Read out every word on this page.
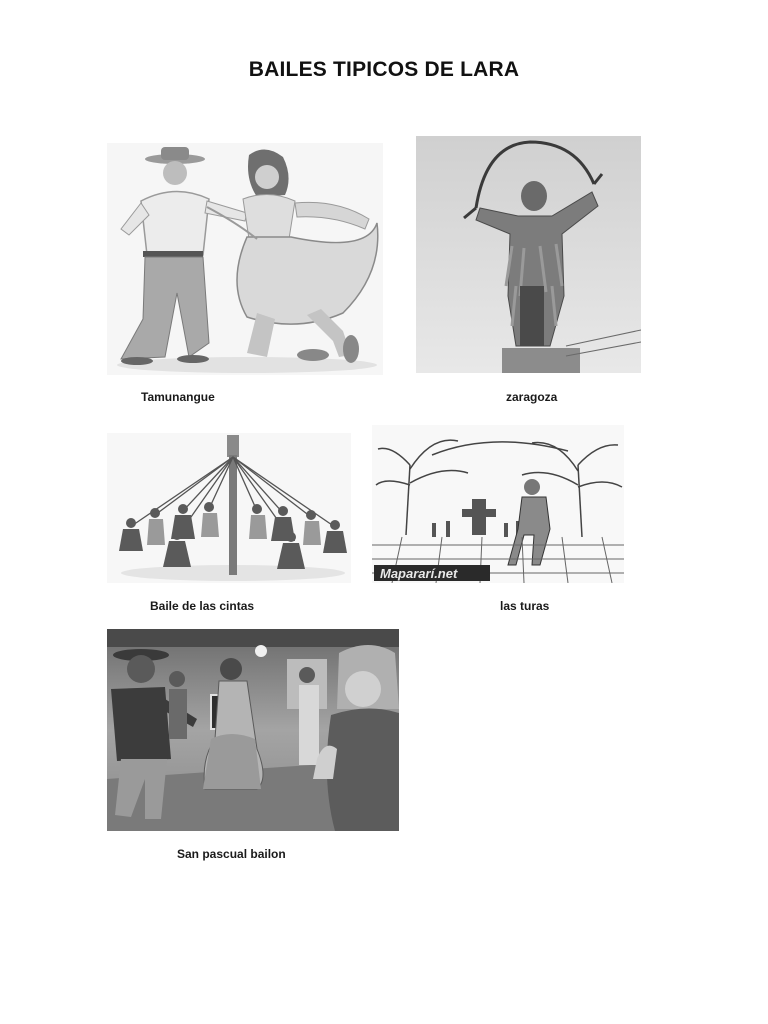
BAILES TIPICOS DE LARA
Tamunangue	zaragoza
Baile de las cintas
Mapararí.net
las turas
San pascual bailon
